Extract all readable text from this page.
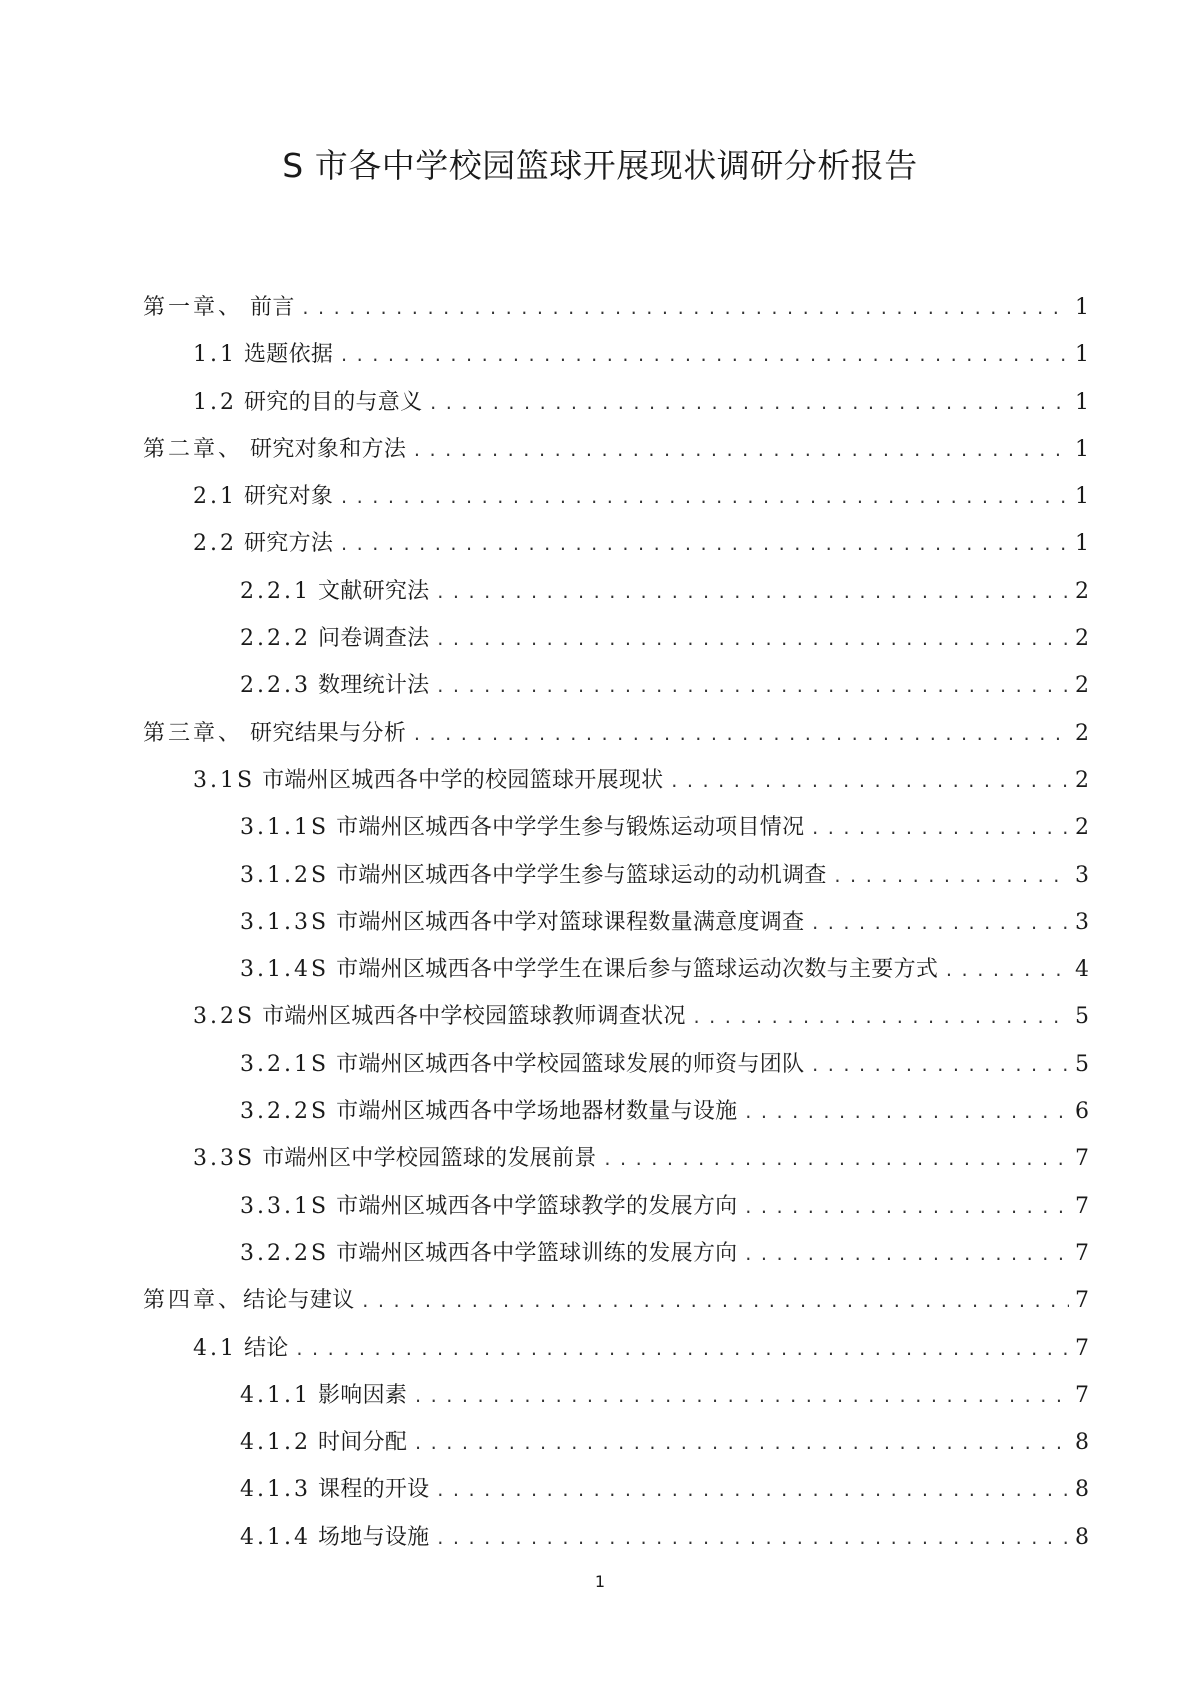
S 市各中学校园篮球开展现状调研分析报告
第一章、 前言 .....	1
1.1 选题依据 .....	1
1.2 研究的目的与意义 .....	1
第二章、 研究对象和方法 .....	1
2.1 研究对象 .....	1
2.2 研究方法 .....	1
2.2.1 文献研究法 .....	2
2.2.2 问卷调查法 .....	2
2.2.3 数理统计法 .....	2
第三章、 研究结果与分析 .....	2
3.1S 市端州区城西各中学的校园篮球开展现状 .....	2
3.1.1S 市端州区城西各中学学生参与锻炼运动项目情况 .....	2
3.1.2S 市端州区城西各中学学生参与篮球运动的动机调查 .....	3
3.1.3S 市端州区城西各中学对篮球课程数量满意度调查 .....	3
3.1.4S 市端州区城西各中学学生在课后参与篮球运动次数与主要方式 .....	4
3.2S 市端州区城西各中学校园篮球教师调查状况 .....	5
3.2.1S 市端州区城西各中学校园篮球发展的师资与团队 .....	5
3.2.2S 市端州区城西各中学场地器材数量与设施 .....	6
3.3S 市端州区中学校园篮球的发展前景 .....	7
3.3.1S 市端州区城西各中学篮球教学的发展方向 .....	7
3.2.2S 市端州区城西各中学篮球训练的发展方向 .....	7
第四章、结论与建议 .....	7
4.1 结论 .....	7
4.1.1 影响因素 .....	7
4.1.2 时间分配 .....	8
4.1.3 课程的开设 .....	8
4.1.4 场地与设施 .....	8
1
